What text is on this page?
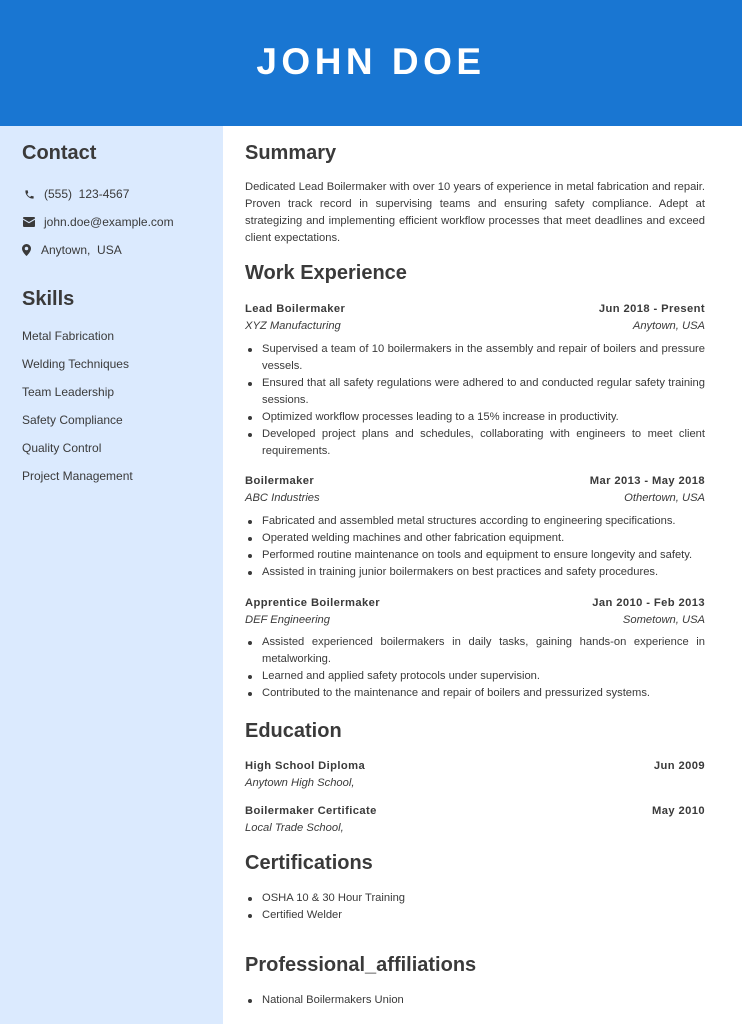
JOHN DOE
Contact
(555)  123-4567
john.doe@example.com
Anytown,  USA
Skills
Metal Fabrication
Welding Techniques
Team Leadership
Safety Compliance
Quality Control
Project Management
Summary

Dedicated Lead Boilermaker with over 10 years of experience in metal fabrication and repair. Proven track record in supervising teams and ensuring safety compliance. Adept at strategizing and implementing efficient workflow processes that meet deadlines and exceed client expectations.

Work Experience
Lead Boilermaker	Jun 2018 - Present
XYZ Manufacturing	Anytown, USA
Supervised a team of 10 boilermakers in the assembly and repair of boilers and pressure vessels.
Ensured that all safety regulations were adhered to and conducted regular safety training sessions.
Optimized workflow processes leading to a 15% increase in productivity.
Developed project plans and schedules, collaborating with engineers to meet client requirements.
Boilermaker	Mar 2013 - May 2018
ABC Industries	Othertown, USA
Fabricated and assembled metal structures according to engineering specifications.
Operated welding machines and other fabrication equipment.
Performed routine maintenance on tools and equipment to ensure longevity and safety.
Assisted in training junior boilermakers on best practices and safety procedures.
Apprentice Boilermaker	Jan 2010 - Feb 2013
DEF Engineering	Sometown, USA
Assisted experienced boilermakers in daily tasks, gaining hands-on experience in metalworking.
Learned and applied safety protocols under supervision.
Contributed to the maintenance and repair of boilers and pressurized systems.
Education
High School Diploma	Jun 2009
Anytown High School,
Boilermaker Certificate	May 2010
Local Trade School,
Certifications
OSHA 10 & 30 Hour Training
Certified Welder
Professional_affiliations
National Boilermakers Union
